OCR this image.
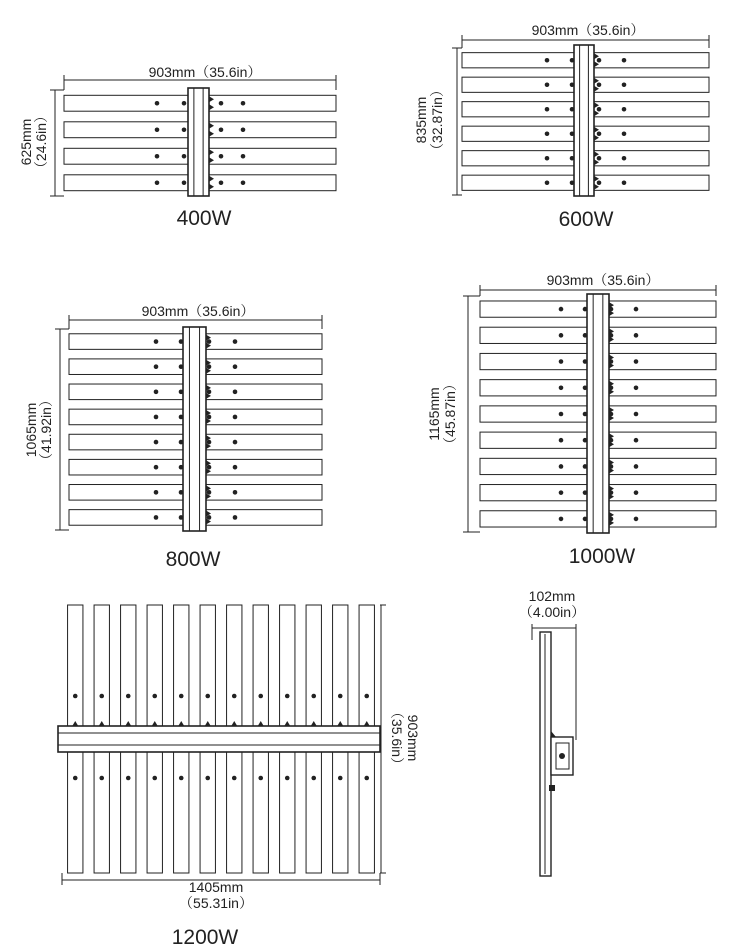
903mm（35.6in）
625mm （24.6in）
400W
903mm（35.6in）
835mm （32.87in）
600W
903mm（35.6in）
1065mm （41.92in）
800W
903mm（35.6in）
1165mm （45.87in）
1000W
1405mm
（55.31in）
903mm
（35.6in）
1200W
102mm
（4.00in）
